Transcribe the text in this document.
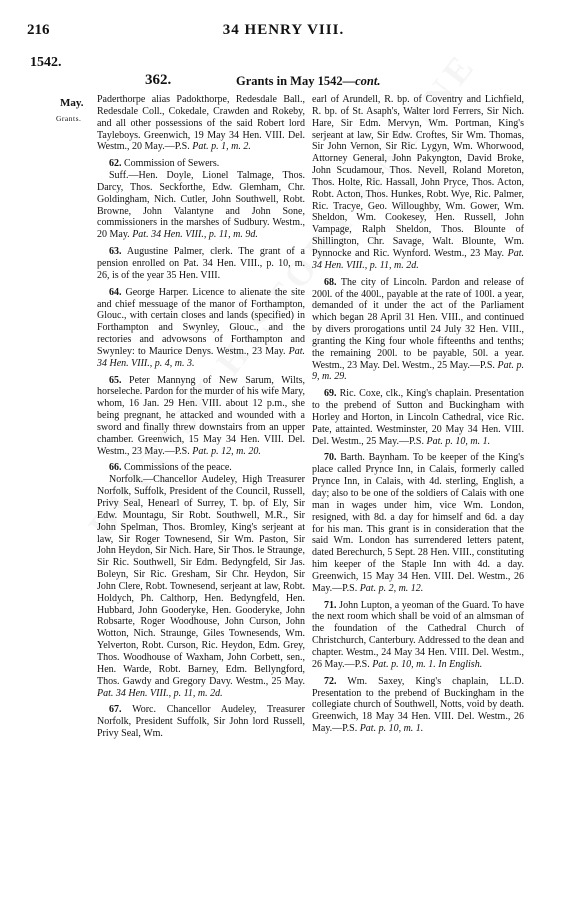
216	34 HENRY VIII.
1542.
362.	Grants in May 1542—cont.
May.
Grants.

Paderthorpe alias Padokthorpe, Redesdale Ball., Redesdale Coll., Cokedale, Crawden and Rokeby, and all other possessions of the said Robert lord Tayleboys. Greenwich, 19 May 34 Hen. VIII. Del. Westm., 20 May.—P.S. Pat. p. 1, m. 2.

62. Commission of Sewers.

Suff.—Hen. Doyle, Lionel Talmage, Thos. Darcy, Thos. Seckforthe, Edw. Glemham, Chr. Goldingham, Nich. Cutler, John Southwell, Robt. Browne, John Valantyne and John Sone, commissioners in the marshes of Sudbury. Westm., 20 May. Pat. 34 Hen. VIII., p. 11, m. 9d.

63. Augustine Palmer, clerk. The grant of a pension enrolled on Pat. 34 Hen. VIII., p. 10, m. 26, is of the year 35 Hen. VIII.

64. George Harper. Licence to alienate the site and chief messuage of the manor of Forthampton, Glouc., with certain closes and lands (specified) in Forthampton and Swynley, Glouc., and the rectories and advowsons of Forthampton and Swynley: to Maurice Denys. Westm., 23 May. Pat. 34 Hen. VIII., p. 4, m. 3.

65. Peter Mannyng of New Sarum, Wilts, horseleche. Pardon for the murder of his wife Mary, whom, 16 Jan. 29 Hen. VIII. about 12 p.m., she being pregnant, he attacked and wounded with a sword and finally threw downstairs from an upper chamber. Greenwich, 15 May 34 Hen. VIII. Del. Westm., 23 May.—P.S. Pat. p. 12, m. 20.

66. Commissions of the peace.

Norfolk.—Chancellor Audeley, High Treasurer Norfolk, Suffolk, President of the Council, Russell, Privy Seal, Henearl of Surrey, T. bp. of Ely, Sir Edw. Mountagu, Sir Robt. Southwell, M.R., Sir John Spelman, Thos. Bromley, King's serjeant at law, Sir Roger Townesend, Sir Wm. Paston, Sir John Heydon, Sir Nich. Hare, Sir Thos. le Straunge, Sir Ric. Southwell, Sir Edm. Bedyngfeld, Sir Jas. Boleyn, Sir Ric. Gresham, Sir Chr. Heydon, Sir John Clere, Robt. Townesend, serjeant at law, Robt. Holdych, Ph. Calthorp, Hen. Bedyngfeld, Hen. Hubbard, John Gooderyke, Hen. Gooderyke, John Robsarte, Roger Woodhouse, John Curson, John Wotton, Nich. Straunge, Giles Townesends, Wm. Yelverton, Robt. Curson, Ric. Heydon, Edm. Grey, Thos. Woodhouse of Waxham, John Corbett, sen., Hen. Warde, Robt. Barney, Edm. Bellyngford, Thos. Gawdy and Gregory Davy. Westm., 25 May. Pat. 34 Hen. VIII., p. 11, m. 2d.

67. Worc. Chancellor Audeley, Treasurer Norfolk, President Suffolk, Sir John lord Russell, Privy Seal, Wm.

earl of Arundell, R. bp. of Coventry and Lichfield, R. bp. of St. Asaph's, Walter lord Ferrers, Sir Nich. Hare, Sir Edm. Mervyn, Wm. Portman, King's serjeant at law, Sir Edw. Croftes, Sir Wm. Thomas, Sir John Vernon, Sir Ric. Lygyn, Wm. Whorwood, Attorney General, John Pakyngton, David Broke, John Scudamour, Thos. Nevell, Roland Moreton, Thos. Holte, Ric. Hassall, John Pryce, Thos. Acton, Robt. Acton, Thos. Hunkes, Robt. Wye, Ric. Palmer, Ric. Tracye, Geo. Willoughby, Wm. Gower, Wm. Sheldon, Wm. Cookesey, Hen. Russell, John Vampage, Ralph Sheldon, Thos. Blounte of Shillington, Chr. Savage, Walt. Blounte, Wm. Pynnocke and Ric. Wynford. Westm., 23 May. Pat. 34 Hen. VIII., p. 11, m. 2d.

68. The city of Lincoln. Pardon and release of 200l. of the 400l., payable at the rate of 100l. a year, demanded of it under the act of the Parliament which began 28 April 31 Hen. VIII., and continued by divers prorogations until 24 July 32 Hen. VIII., granting the King four whole fifteenths and tenths; the remaining 200l. to be payable, 50l. a year. Westm., 23 May. Del. Westm., 25 May.—P.S. Pat. p. 9, m. 29.

69. Ric. Coxe, clk., King's chaplain. Presentation to the prebend of Sutton and Buckingham with Horley and Horton, in Lincoln Cathedral, vice Ric. Pate, attainted. Westminster, 20 May 34 Hen. VIII. Del. Westm., 25 May.—P.S. Pat. p. 10, m. 1.

70. Barth. Baynham. To be keeper of the King's place called Prynce Inn, in Calais, formerly called Prynce Inn, in Calais, with 4d. sterling, English, a day; also to be one of the soldiers of Calais with one man in wages under him, vice Wm. London, resigned, with 8d. a day for himself and 6d. a day for his man. This grant is in consideration that the said Wm. London has surrendered letters patent, dated Berechurch, 5 Sept. 28 Hen. VIII., constituting him keeper of the Staple Inn with 4d. a day. Greenwich, 15 May 34 Hen. VIII. Del. Westm., 26 May.—P.S. Pat. p. 2, m. 12.

71. John Lupton, a yeoman of the Guard. To have the next room which shall be void of an almsman of the foundation of the Cathedral Church of Christchurch, Canterbury. Addressed to the dean and chapter. Westm., 24 May 34 Hen. VIII. Del. Westm., 26 May.—P.S. Pat. p. 10, m. 1. In English.

72. Wm. Saxey, King's chaplain, LL.D. Presentation to the prebend of Buckingham in the collegiate church of Southwell, Notts, void by death. Greenwich, 18 May 34 Hen. VIII. Del. Westm., 26 May.—P.S. Pat. p. 10, m. 1.
